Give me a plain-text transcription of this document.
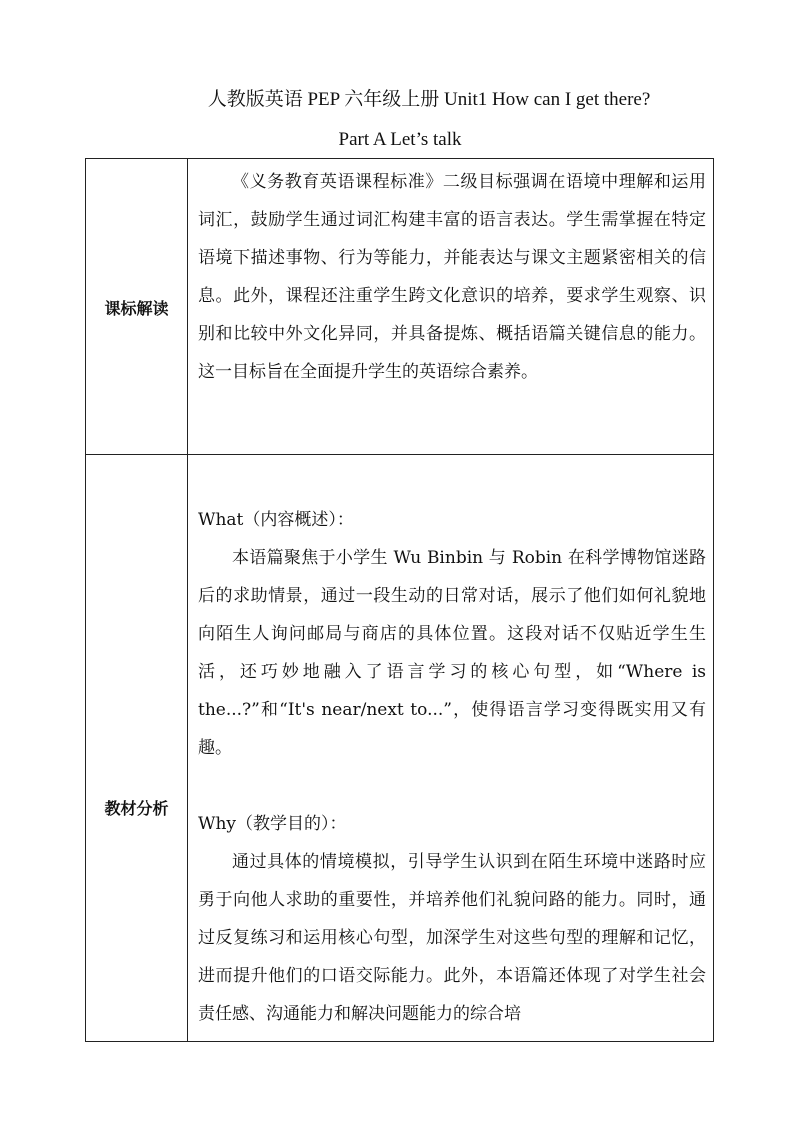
人教版英语 PEP 六年级上册 Unit1 How can I get there?
Part A Let’s talk
课标解读

《义务教育英语课程标准》二级目标强调在语境中理解和运用词汇，鼓励学生通过词汇构建丰富的语言表达。学生需掌握在特定语境下描述事物、行为等能力，并能表达与课文主题紧密相关的信息。此外，课程还注重学生跨文化意识的培养，要求学生观察、识别和比较中外文化异同，并具备提炼、概括语篇关键信息的能力。这一目标旨在全面提升学生的英语综合素养。

教材分析

What（内容概述）：

本语篇聚焦于小学生 Wu Binbin 与 Robin 在科学博物馆迷路后的求助情景，通过一段生动的日常对话，展示了他们如何礼貌地向陌生人询问邮局与商店的具体位置。这段对话不仅贴近学生生活，还巧妙地融入了语言学习的核心句型，如“Where is the...?”和“It's near/next to...”，使得语言学习变得既实用又有趣。

Why（教学目的）：

通过具体的情境模拟，引导学生认识到在陌生环境中迷路时应勇于向他人求助的重要性，并培养他们礼貌问路的能力。同时，通过反复练习和运用核心句型，加深学生对这些句型的理解和记忆，进而提升他们的口语交际能力。此外，本语篇还体现了对学生社会责任感、沟通能力和解决问题能力的综合培
